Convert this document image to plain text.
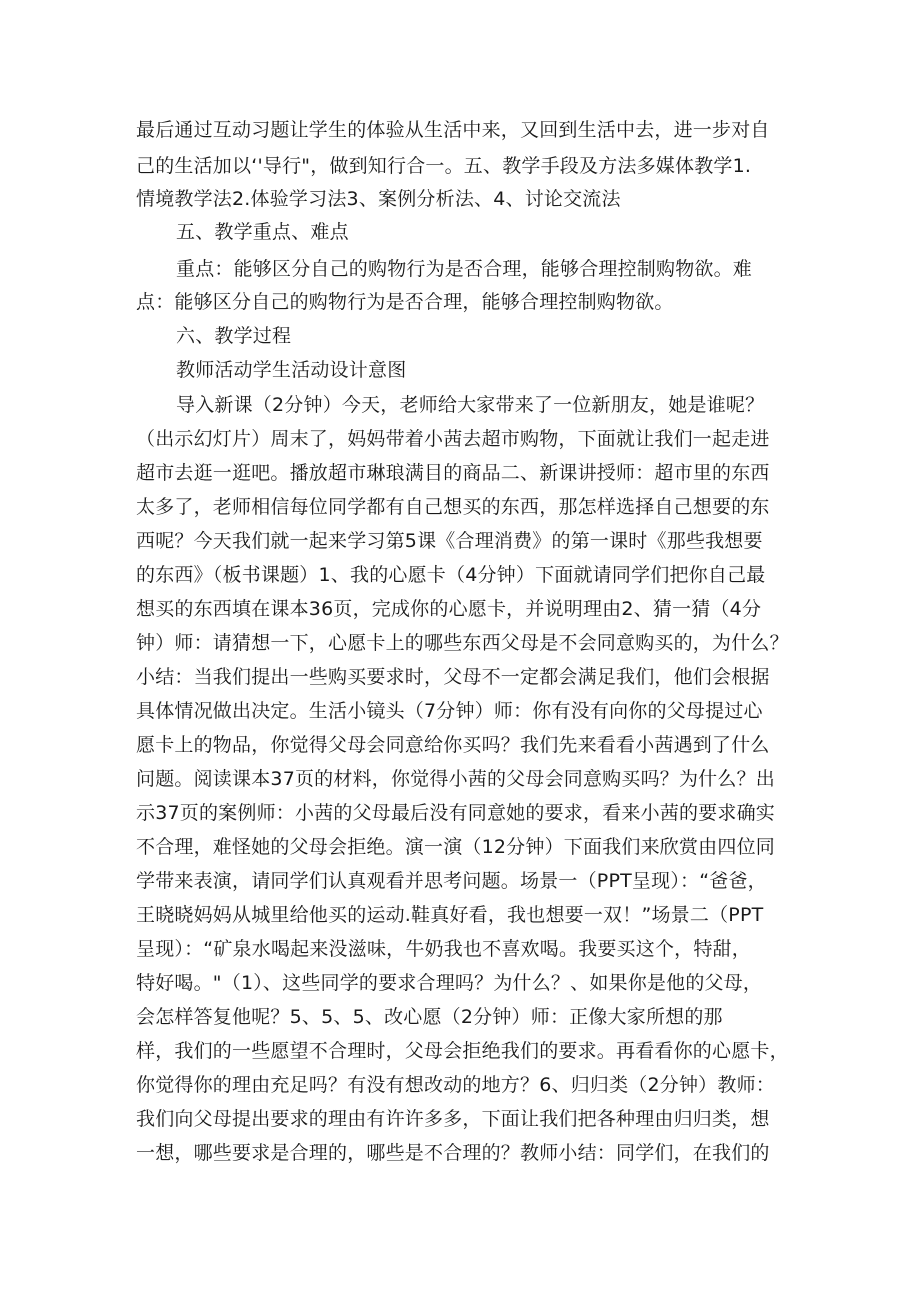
最后通过互动习题让学生的体验从生活中来，又回到生活中去，进一步对自
己的生活加以‘'导行"，做到知行合一。五、教学手段及方法多媒体教学1.
情境教学法2.体验学习法3、案例分析法、4、讨论交流法
五、教学重点、难点
重点：能够区分自己的购物行为是否合理，能够合理控制购物欲。难
点：能够区分自己的购物行为是否合理，能够合理控制购物欲。
六、教学过程
教师活动学生活动设计意图
导入新课（2分钟）今天，老师给大家带来了一位新朋友，她是谁呢？
（出示幻灯片）周末了，妈妈带着小茜去超市购物，下面就让我们一起走进
超市去逛一逛吧。播放超市琳琅满目的商品二、新课讲授师：超市里的东西
太多了，老师相信每位同学都有自己想买的东西，那怎样选择自己想要的东
西呢？今天我们就一起来学习第5课《合理消费》的第一课时《那些我想要
的东西》（板书课题）1、我的心愿卡（4分钟）下面就请同学们把你自己最
想买的东西填在课本36页，完成你的心愿卡，并说明理由2、猜一猜（4分
钟）师：请猜想一下，心愿卡上的哪些东西父母是不会同意购买的，为什么？
小结：当我们提出一些购买要求时，父母不一定都会满足我们，他们会根据
具体情况做出决定。生活小镜头（7分钟）师：你有没有向你的父母提过心
愿卡上的物品，你觉得父母会同意给你买吗？我们先来看看小茜遇到了什么
问题。阅读课本37页的材料，你觉得小茜的父母会同意购买吗？为什么？出
示37页的案例师：小茜的父母最后没有同意她的要求，看来小茜的要求确实
不合理，难怪她的父母会拒绝。演一演（12分钟）下面我们来欣赏由四位同
学带来表演，请同学们认真观看并思考问题。场景一（PPT呈现）：“爸爸，
王晓晓妈妈从城里给他买的运动.鞋真好看，我也想要一双！”场景二（PPT
呈现）：“矿泉水喝起来没滋味，牛奶我也不喜欢喝。我要买这个，特甜，
特好喝。"（1）、这些同学的要求合理吗？为什么？、如果你是他的父母，
会怎样答复他呢？5、5、5、改心愿（2分钟）师：正像大家所想的那
样，我们的一些愿望不合理时，父母会拒绝我们的要求。再看看你的心愿卡，
你觉得你的理由充足吗？有没有想改动的地方？6、归归类（2分钟）教师：
我们向父母提出要求的理由有许许多多，下面让我们把各种理由归归类，想
一想，哪些要求是合理的，哪些是不合理的？教师小结：同学们，在我们的
